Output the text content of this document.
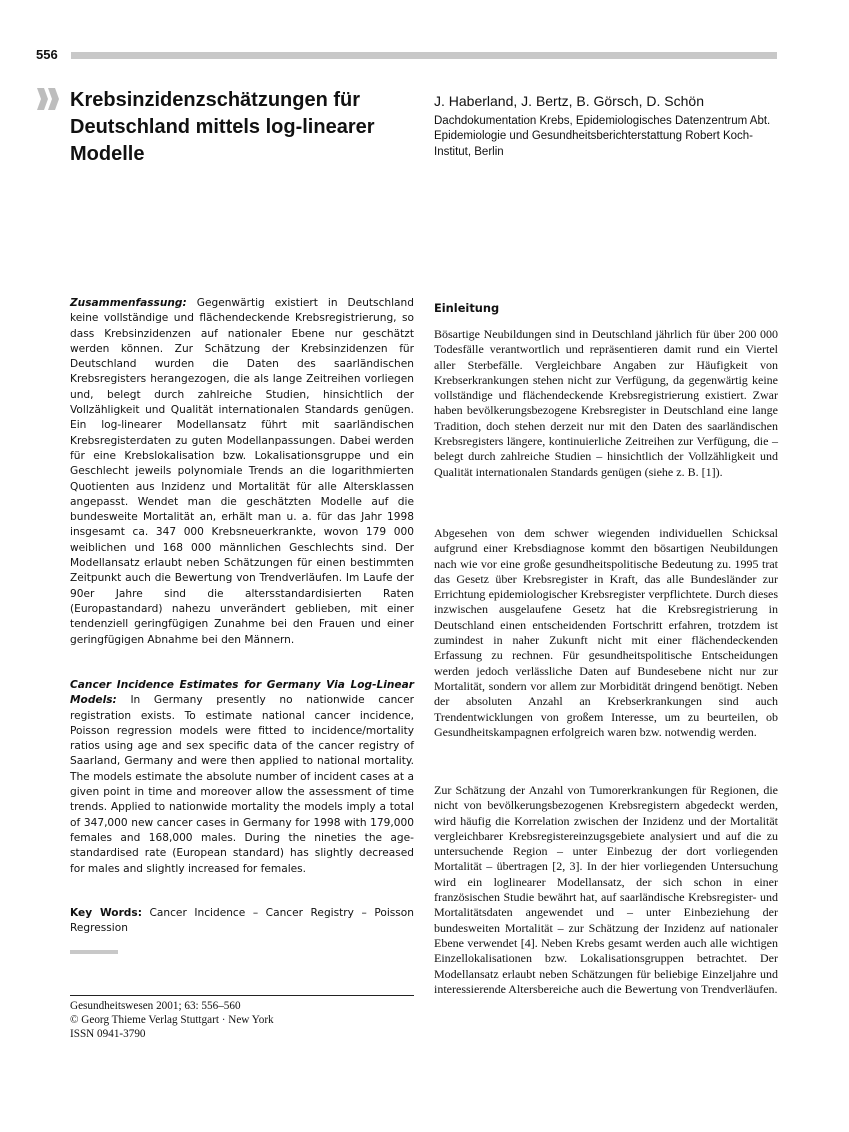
556
Krebsinzidenzschätzungen für Deutschland mittels log-linearer Modelle

J. Haberland, J. Bertz, B. Görsch, D. Schön

Dachdokumentation Krebs, Epidemiologisches Datenzentrum Abt. Epidemiologie und Gesundheitsberichterstattung Robert Koch-Institut, Berlin

Zusammenfassung: Gegenwärtig existiert in Deutschland keine vollständige und flächendeckende Krebsregistrierung, so dass Krebsinzidenzen auf nationaler Ebene nur geschätzt werden können. Zur Schätzung der Krebsinzidenzen für Deutschland wurden die Daten des saarländischen Krebsregisters herangezogen, die als lange Zeitreihen vorliegen und, belegt durch zahlreiche Studien, hinsichtlich der Vollzähligkeit und Qualität internationalen Standards genügen. Ein log-linearer Modellansatz führt mit saarländischen Krebsregisterdaten zu guten Modellanpassungen. Dabei werden für eine Krebslokalisation bzw. Lokalisationsgruppe und ein Geschlecht jeweils polynomiale Trends an die logarithmierten Quotienten aus Inzidenz und Mortalität für alle Altersklassen angepasst. Wendet man die geschätzten Modelle auf die bundesweite Mortalität an, erhält man u. a. für das Jahr 1998 insgesamt ca. 347 000 Krebsneuerkrankte, wovon 179 000 weiblichen und 168 000 männlichen Geschlechts sind. Der Modellansatz erlaubt neben Schätzungen für einen bestimmten Zeitpunkt auch die Bewertung von Trendverläufen. Im Laufe der 90er Jahre sind die altersstandardisierten Raten (Europastandard) nahezu unverändert geblieben, mit einer tendenziell geringfügigen Zunahme bei den Frauen und einer geringfügigen Abnahme bei den Männern.

Cancer Incidence Estimates for Germany Via Log-Linear Models: In Germany presently no nationwide cancer registration exists. To estimate national cancer incidence, Poisson regression models were fitted to incidence/mortality ratios using age and sex specific data of the cancer registry of Saarland, Germany and were then applied to national mortality. The models estimate the absolute number of incident cases at a given point in time and moreover allow the assessment of time trends. Applied to nationwide mortality the models imply a total of 347,000 new cancer cases in Germany for 1998 with 179,000 females and 168,000 males. During the nineties the age-standardised rate (European standard) has slightly decreased for males and slightly increased for females.

Key Words: Cancer Incidence – Cancer Registry – Poisson Regression

Gesundheitswesen 2001; 63: 556–560
© Georg Thieme Verlag Stuttgart · New York
ISSN 0941-3790
Einleitung

Bösartige Neubildungen sind in Deutschland jährlich für über 200 000 Todesfälle verantwortlich und repräsentieren damit rund ein Viertel aller Sterbefälle. Vergleichbare Angaben zur Häufigkeit von Krebserkrankungen stehen nicht zur Verfügung, da gegenwärtig keine vollständige und flächendeckende Krebsregistrierung existiert. Zwar haben bevölkerungsbezogene Krebsregister in Deutschland eine lange Tradition, doch stehen derzeit nur mit den Daten des saarländischen Krebsregisters längere, kontinuierliche Zeitreihen zur Verfügung, die – belegt durch zahlreiche Studien – hinsichtlich der Vollzähligkeit und Qualität internationalen Standards genügen (siehe z. B. [1]).

Abgesehen von dem schwer wiegenden individuellen Schicksal aufgrund einer Krebsdiagnose kommt den bösartigen Neubildungen nach wie vor eine große gesundheitspolitische Bedeutung zu. 1995 trat das Gesetz über Krebsregister in Kraft, das alle Bundesländer zur Errichtung epidemiologischer Krebsregister verpflichtete. Durch dieses inzwischen ausgelaufene Gesetz hat die Krebsregistrierung in Deutschland einen entscheidenden Fortschritt erfahren, trotzdem ist zumindest in naher Zukunft nicht mit einer flächendeckenden Erfassung zu rechnen. Für gesundheitspolitische Entscheidungen werden jedoch verlässliche Daten auf Bundesebene nicht nur zur Mortalität, sondern vor allem zur Morbidität dringend benötigt. Neben der absoluten Anzahl an Krebserkrankungen sind auch Trendentwicklungen von großem Interesse, um zu beurteilen, ob Gesundheitskampagnen erfolgreich waren bzw. notwendig werden.

Zur Schätzung der Anzahl von Tumorerkrankungen für Regionen, die nicht von bevölkerungsbezogenen Krebsregistern abgedeckt werden, wird häufig die Korrelation zwischen der Inzidenz und der Mortalität vergleichbarer Krebsregistereinzugsgebiete analysiert und auf die zu untersuchende Region – unter Einbezug der dort vorliegenden Mortalität – übertragen [2, 3]. In der hier vorliegenden Untersuchung wird ein loglinearer Modellansatz, der sich schon in einer französischen Studie bewährt hat, auf saarländische Krebsregister- und Mortalitätsdaten angewendet und – unter Einbeziehung der bundesweiten Mortalität – zur Schätzung der Inzidenz auf nationaler Ebene verwendet [4]. Neben Krebs gesamt werden auch alle wichtigen Einzellokalisationen bzw. Lokalisationsgruppen betrachtet. Der Modellansatz erlaubt neben Schätzungen für beliebige Einzeljahre und interessierende Altersbereiche auch die Bewertung von Trendverläufen.
